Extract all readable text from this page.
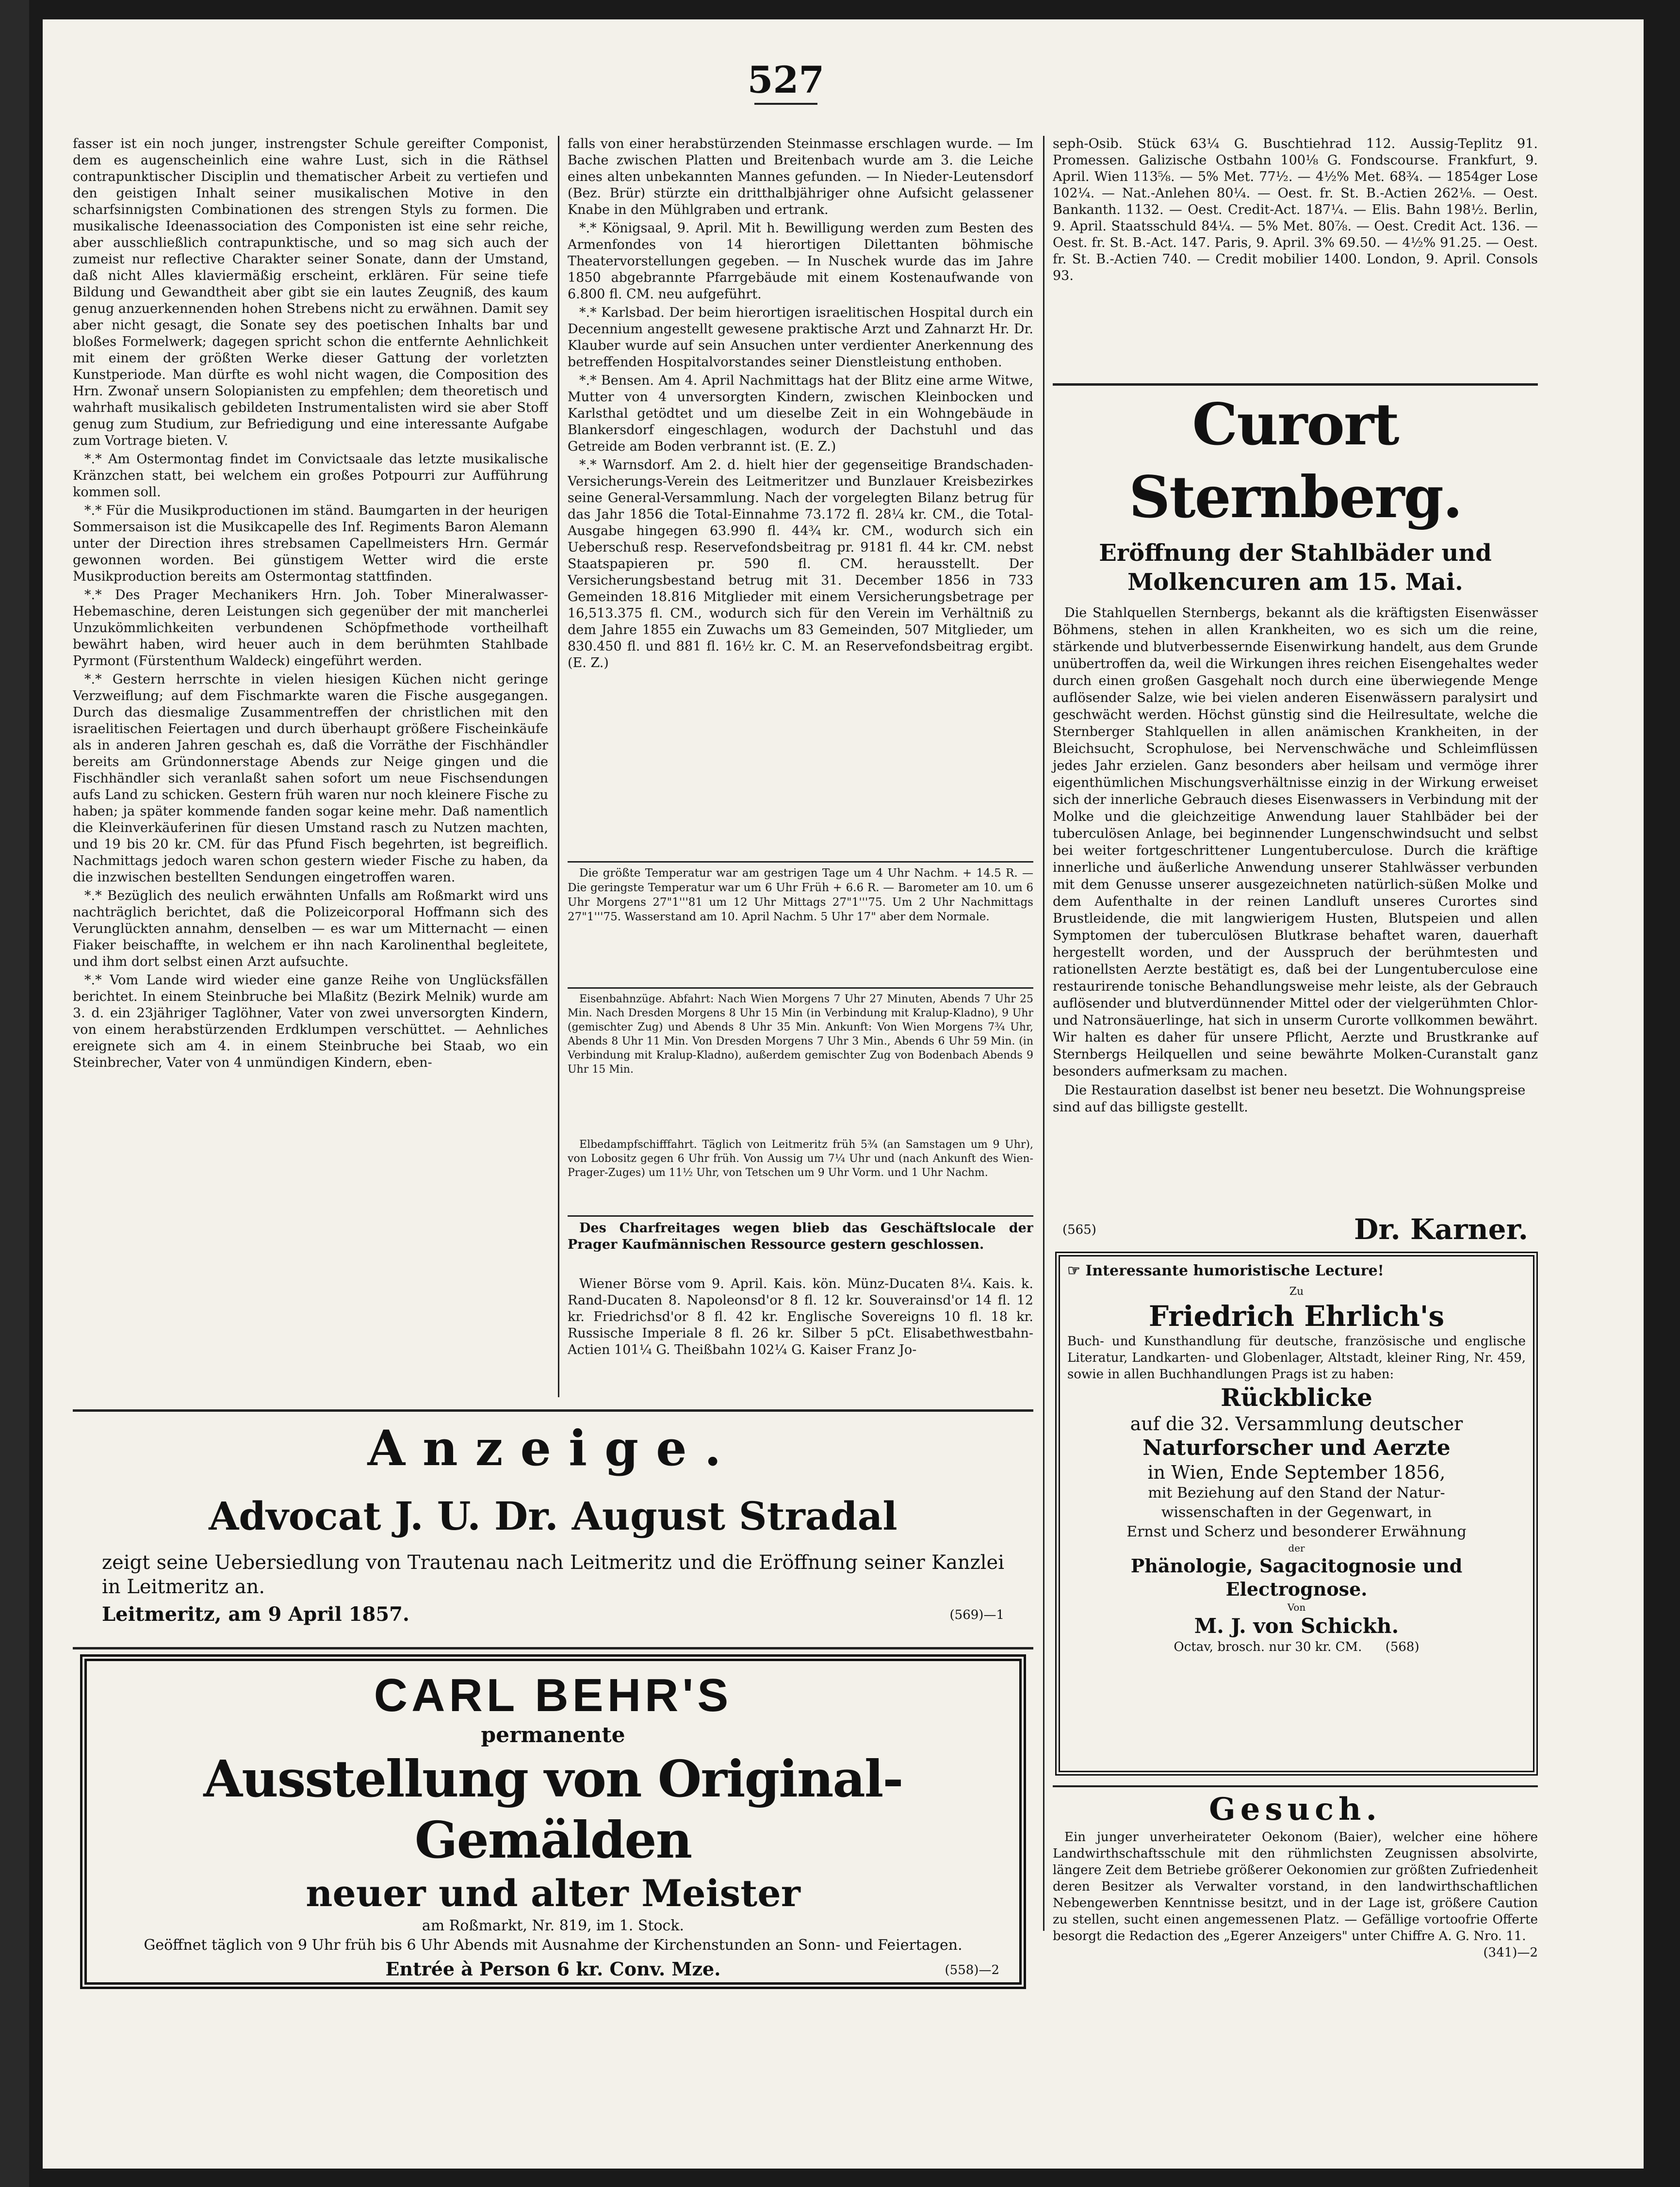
527

fasser ist ein noch junger, instrengster Schule gereifter Componist, dem es augenscheinlich eine wahre Lust, sich in die Räthsel contrapunktischer Disciplin und thematischer Arbeit zu vertiefen und den geistigen Inhalt seiner musikalischen Motive in den scharfsinnigsten Combinationen des strengen Styls zu formen. Die musikalische Ideenassociation des Componisten ist eine sehr reiche, aber ausschließlich contrapunktische, und so mag sich auch der zumeist nur reflective Charakter seiner Sonate, dann der Umstand, daß nicht Alles klaviermäßig erscheint, erklären. Für seine tiefe Bildung und Gewandtheit aber gibt sie ein lautes Zeugniß, des kaum genug anzuerkennenden hohen Strebens nicht zu erwähnen. Damit sey aber nicht gesagt, die Sonate sey des poetischen Inhalts bar und bloßes Formelwerk; dagegen spricht schon die entfernte Aehnlichkeit mit einem der größten Werke dieser Gattung der vorletzten Kunstperiode. Man dürfte es wohl nicht wagen, die Composition des Hrn. Zwonař unsern Solopianisten zu empfehlen; dem theoretisch und wahrhaft musikalisch gebildeten Instrumentalisten wird sie aber Stoff genug zum Studium, zur Befriedigung und eine interessante Aufgabe zum Vortrage bieten. V.

*.* Am Ostermontag findet im Convictsaale das letzte musikalische Kränzchen statt, bei welchem ein großes Potpourri zur Aufführung kommen soll.

*.* Für die Musikproductionen im ständ. Baumgarten in der heurigen Sommersaison ist die Musikcapelle des Inf. Regiments Baron Alemann unter der Direction ihres strebsamen Capellmeisters Hrn. Germár gewonnen worden. Bei günstigem Wetter wird die erste Musikproduction bereits am Ostermontag stattfinden.

*.* Des Prager Mechanikers Hrn. Joh. Tober Mineralwasser-Hebemaschine, deren Leistungen sich gegenüber der mit mancherlei Unzukömmlichkeiten verbundenen Schöpfmethode vortheilhaft bewährt haben, wird heuer auch in dem berühmten Stahlbade Pyrmont (Fürstenthum Waldeck) eingeführt werden.

*.* Gestern herrschte in vielen hiesigen Küchen nicht geringe Verzweiflung; auf dem Fischmarkte waren die Fische ausgegangen. Durch das diesmalige Zusammentreffen der christlichen mit den israelitischen Feiertagen und durch überhaupt größere Fischeinkäufe als in anderen Jahren geschah es, daß die Vorräthe der Fischhändler bereits am Gründonnerstage Abends zur Neige gingen und die Fischhändler sich veranlaßt sahen sofort um neue Fischsendungen aufs Land zu schicken. Gestern früh waren nur noch kleinere Fische zu haben; ja später kommende fanden sogar keine mehr. Daß namentlich die Kleinverkäuferinen für diesen Umstand rasch zu Nutzen machten, und 19 bis 20 kr. CM. für das Pfund Fisch begehrten, ist begreiflich. Nachmittags jedoch waren schon gestern wieder Fische zu haben, da die inzwischen bestellten Sendungen eingetroffen waren.

*.* Bezüglich des neulich erwähnten Unfalls am Roßmarkt wird uns nachträglich berichtet, daß die Polizeicorporal Hoffmann sich des Verunglückten annahm, denselben — es war um Mitternacht — einen Fiaker beischaffte, in welchem er ihn nach Karolinenthal begleitete, und ihm dort selbst einen Arzt aufsuchte.

*.* Vom Lande wird wieder eine ganze Reihe von Unglücksfällen berichtet. In einem Steinbruche bei Mlaßitz (Bezirk Melnik) wurde am 3. d. ein 23jähriger Taglöhner, Vater von zwei unversorgten Kindern, von einem herabstürzenden Erdklumpen verschüttet. — Aehnliches ereignete sich am 4. in einem Steinbruche bei Staab, wo ein Steinbrecher, Vater von 4 unmündigen Kindern, eben-

falls von einer herabstürzenden Steinmasse erschlagen wurde. — Im Bache zwischen Platten und Breitenbach wurde am 3. die Leiche eines alten unbekannten Mannes gefunden. — In Nieder-Leutensdorf (Bez. Brür) stürzte ein dritthalbjähriger ohne Aufsicht gelassener Knabe in den Mühlgraben und ertrank.

*.* Königsaal, 9. April. Mit h. Bewilligung werden zum Besten des Armenfondes von 14 hierortigen Dilettanten böhmische Theatervorstellungen gegeben. — In Nuschek wurde das im Jahre 1850 abgebrannte Pfarrgebäude mit einem Kostenaufwande von 6.800 fl. CM. neu aufgeführt.

*.* Karlsbad. Der beim hierortigen israelitischen Hospital durch ein Decennium angestellt gewesene praktische Arzt und Zahnarzt Hr. Dr. Klauber wurde auf sein Ansuchen unter verdienter Anerkennung des betreffenden Hospitalvorstandes seiner Dienstleistung enthoben.

*.* Bensen. Am 4. April Nachmittags hat der Blitz eine arme Witwe, Mutter von 4 unversorgten Kindern, zwischen Kleinbocken und Karlsthal getödtet und um dieselbe Zeit in ein Wohngebäude in Blankersdorf eingeschlagen, wodurch der Dachstuhl und das Getreide am Boden verbrannt ist. (E. Z.)

*.* Warnsdorf. Am 2. d. hielt hier der gegenseitige Brandschaden-Versicherungs-Verein des Leitmeritzer und Bunzlauer Kreisbezirkes seine General-Versammlung. Nach der vorgelegten Bilanz betrug für das Jahr 1856 die Total-Einnahme 73.172 fl. 28¼ kr. CM., die Total-Ausgabe hingegen 63.990 fl. 44¾ kr. CM., wodurch sich ein Ueberschuß resp. Reservefondsbeitrag pr. 9181 fl. 44 kr. CM. nebst Staatspapieren pr. 590 fl. CM. herausstellt. Der Versicherungsbestand betrug mit 31. December 1856 in 733 Gemeinden 18.816 Mitglieder mit einem Versicherungsbetrage per 16,513.375 fl. CM., wodurch sich für den Verein im Verhältniß zu dem Jahre 1855 ein Zuwachs um 83 Gemeinden, 507 Mitglieder, um 830.450 fl. und 881 fl. 16½ kr. C. M. an Reservefondsbeitrag ergibt. (E. Z.)

Die größte Temperatur war am gestrigen Tage um 4 Uhr Nachm. + 14.5 R. — Die geringste Temperatur war um 6 Uhr Früh + 6.6 R. — Barometer am 10. um 6 Uhr Morgens 27"1'''81 um 12 Uhr Mittags 27"1'''75. Um 2 Uhr Nachmittags 27"1'''75. Wasserstand am 10. April Nachm. 5 Uhr 17" aber dem Normale.

Eisenbahnzüge. Abfahrt: Nach Wien Morgens 7 Uhr 27 Minuten, Abends 7 Uhr 25 Min. Nach Dresden Morgens 8 Uhr 15 Min (in Verbindung mit Kralup-Kladno), 9 Uhr (gemischter Zug) und Abends 8 Uhr 35 Min. Ankunft: Von Wien Morgens 7¾ Uhr, Abends 8 Uhr 11 Min. Von Dresden Morgens 7 Uhr 3 Min., Abends 6 Uhr 59 Min. (in Verbindung mit Kralup-Kladno), außerdem gemischter Zug von Bodenbach Abends 9 Uhr 15 Min.

Elbedampfschifffahrt. Täglich von Leitmeritz früh 5¾ (an Samstagen um 9 Uhr), von Lobositz gegen 6 Uhr früh. Von Aussig um 7¼ Uhr und (nach Ankunft des Wien-Prager-Zuges) um 11½ Uhr, von Tetschen um 9 Uhr Vorm. und 1 Uhr Nachm.

Des Charfreitages wegen blieb das Geschäftslocale der Prager Kaufmännischen Ressource gestern geschlossen.

Wiener Börse vom 9. April. Kais. kön. Münz-Ducaten 8¼. Kais. k. Rand-Ducaten 8. Napoleonsd'or 8 fl. 12 kr. Souverainsd'or 14 fl. 12 kr. Friedrichsd'or 8 fl. 42 kr. Englische Sovereigns 10 fl. 18 kr. Russische Imperiale 8 fl. 26 kr. Silber 5 pCt. Elisabethwestbahn-Actien 101¼ G. Theißbahn 102¼ G. Kaiser Franz Jo-

seph-Osib. Stück 63¼ G. Buschtiehrad 112. Aussig-Teplitz 91. Promessen. Galizische Ostbahn 100⅛ G. Fondscourse. Frankfurt, 9. April. Wien 113⅝. — 5% Met. 77½. — 4½% Met. 68¾. — 1854ger Lose 102¼. — Nat.-Anlehen 80¼. — Oest. fr. St. B.-Actien 262⅛. — Oest. Bankanth. 1132. — Oest. Credit-Act. 187¼. — Elis. Bahn 198½. Berlin, 9. April. Staatsschuld 84¼. — 5% Met. 80⅞. — Oest. Credit Act. 136. — Oest. fr. St. B.-Act. 147. Paris, 9. April. 3% 69.50. — 4½% 91.25. — Oest. fr. St. B.-Actien 740. — Credit mobilier 1400. London, 9. April. Consols 93.

Curort Sternberg.
Eröffnung der Stahlbäder und Molkencuren am 15. Mai.
Die Stahlquellen Sternbergs, bekannt als die kräftigsten Eisenwässer Böhmens, stehen in allen Krankheiten, wo es sich um die reine, stärkende und blutverbessernde Eisenwirkung handelt, aus dem Grunde unübertroffen da, weil die Wirkungen ihres reichen Eisengehaltes weder durch einen großen Gasgehalt noch durch eine überwiegende Menge auflösender Salze, wie bei vielen anderen Eisenwässern paralysirt und geschwächt werden. Höchst günstig sind die Heilresultate, welche die Sternberger Stahlquellen in allen anämischen Krankheiten, in der Bleichsucht, Scrophulose, bei Nervenschwäche und Schleimflüssen jedes Jahr erzielen. Ganz besonders aber heilsam und vermöge ihrer eigenthümlichen Mischungsverhältnisse einzig in der Wirkung erweiset sich der innerliche Gebrauch dieses Eisenwassers in Verbindung mit der Molke und die gleichzeitige Anwendung lauer Stahlbäder bei der tuberculösen Anlage, bei beginnender Lungenschwindsucht und selbst bei weiter fortgeschrittener Lungentuberculose. Durch die kräftige innerliche und äußerliche Anwendung unserer Stahlwässer verbunden mit dem Genusse unserer ausgezeichneten natürlich-süßen Molke und dem Aufenthalte in der reinen Landluft unseres Curortes sind Brustleidende, die mit langwierigem Husten, Blutspeien und allen Symptomen der tuberculösen Blutkrase behaftet waren, dauerhaft hergestellt worden, und der Ausspruch der berühmtesten und rationellsten Aerzte bestätigt es, daß bei der Lungentuberculose eine restaurirende tonische Behandlungsweise mehr leiste, als der Gebrauch auflösender und blutverdünnender Mittel oder der vielgerühmten Chlor- und Natronsäuerlinge, hat sich in unserm Curorte vollkommen bewährt. Wir halten es daher für unsere Pflicht, Aerzte und Brustkranke auf Sternbergs Heilquellen und seine bewährte Molken-Curanstalt ganz besonders aufmerksam zu machen.
Die Restauration daselbst ist bener neu besetzt. Die Wohnungspreise sind auf das billigste gestellt.
(565)	Dr. Karner.
☞ Interessante humoristische Lecture!
Zu
Friedrich Ehrlich's
Buch- und Kunsthandlung für deutsche, französische und englische Literatur, Landkarten- und Globenlager, Altstadt, kleiner Ring, Nr. 459, sowie in allen Buchhandlungen Prags ist zu haben:
Rückblicke
auf die 32. Versammlung deutscher
Naturforscher und Aerzte
in Wien, Ende September 1856,
mit Beziehung auf den Stand der Natur-
wissenschaften in der Gegenwart, in
Ernst und Scherz und besonderer Erwähnung
der
Phänologie, Sagacitognosie und
Electrognose.
Von
M. J. von Schickh.
Octav, brosch. nur 30 kr. CM. (568)
Gesuch.
Ein junger unverheirateter Oekonom (Baier), welcher eine höhere Landwirthschaftsschule mit den rühmlichsten Zeugnissen absolvirte, längere Zeit dem Betriebe größerer Oekonomien zur größten Zufriedenheit deren Besitzer als Verwalter vorstand, in den landwirthschaftlichen Nebengewerben Kenntnisse besitzt, und in der Lage ist, größere Caution zu stellen, sucht einen angemessenen Platz. — Gefällige vortoofrie Offerte besorgt die Redaction des „Egerer Anzeigers" unter Chiffre A. G. Nro. 11.
(341)—2
Anzeige.
Advocat J. U. Dr. August Stradal
zeigt seine Uebersiedlung von Trautenau nach Leitmeritz und die Eröffnung seiner Kanzlei in Leitmeritz an.
Leitmeritz, am 9 April 1857.	(569)—1
CARL BEHR'S
permanente
Ausstellung von Original-Gemälden
neuer und alter Meister
am Roßmarkt, Nr. 819, im 1. Stock.
Geöffnet täglich von 9 Uhr früh bis 6 Uhr Abends mit Ausnahme der Kirchenstunden an Sonn- und Feiertagen.
Entrée à Person 6 kr. Conv. Mze.	(558)—2
